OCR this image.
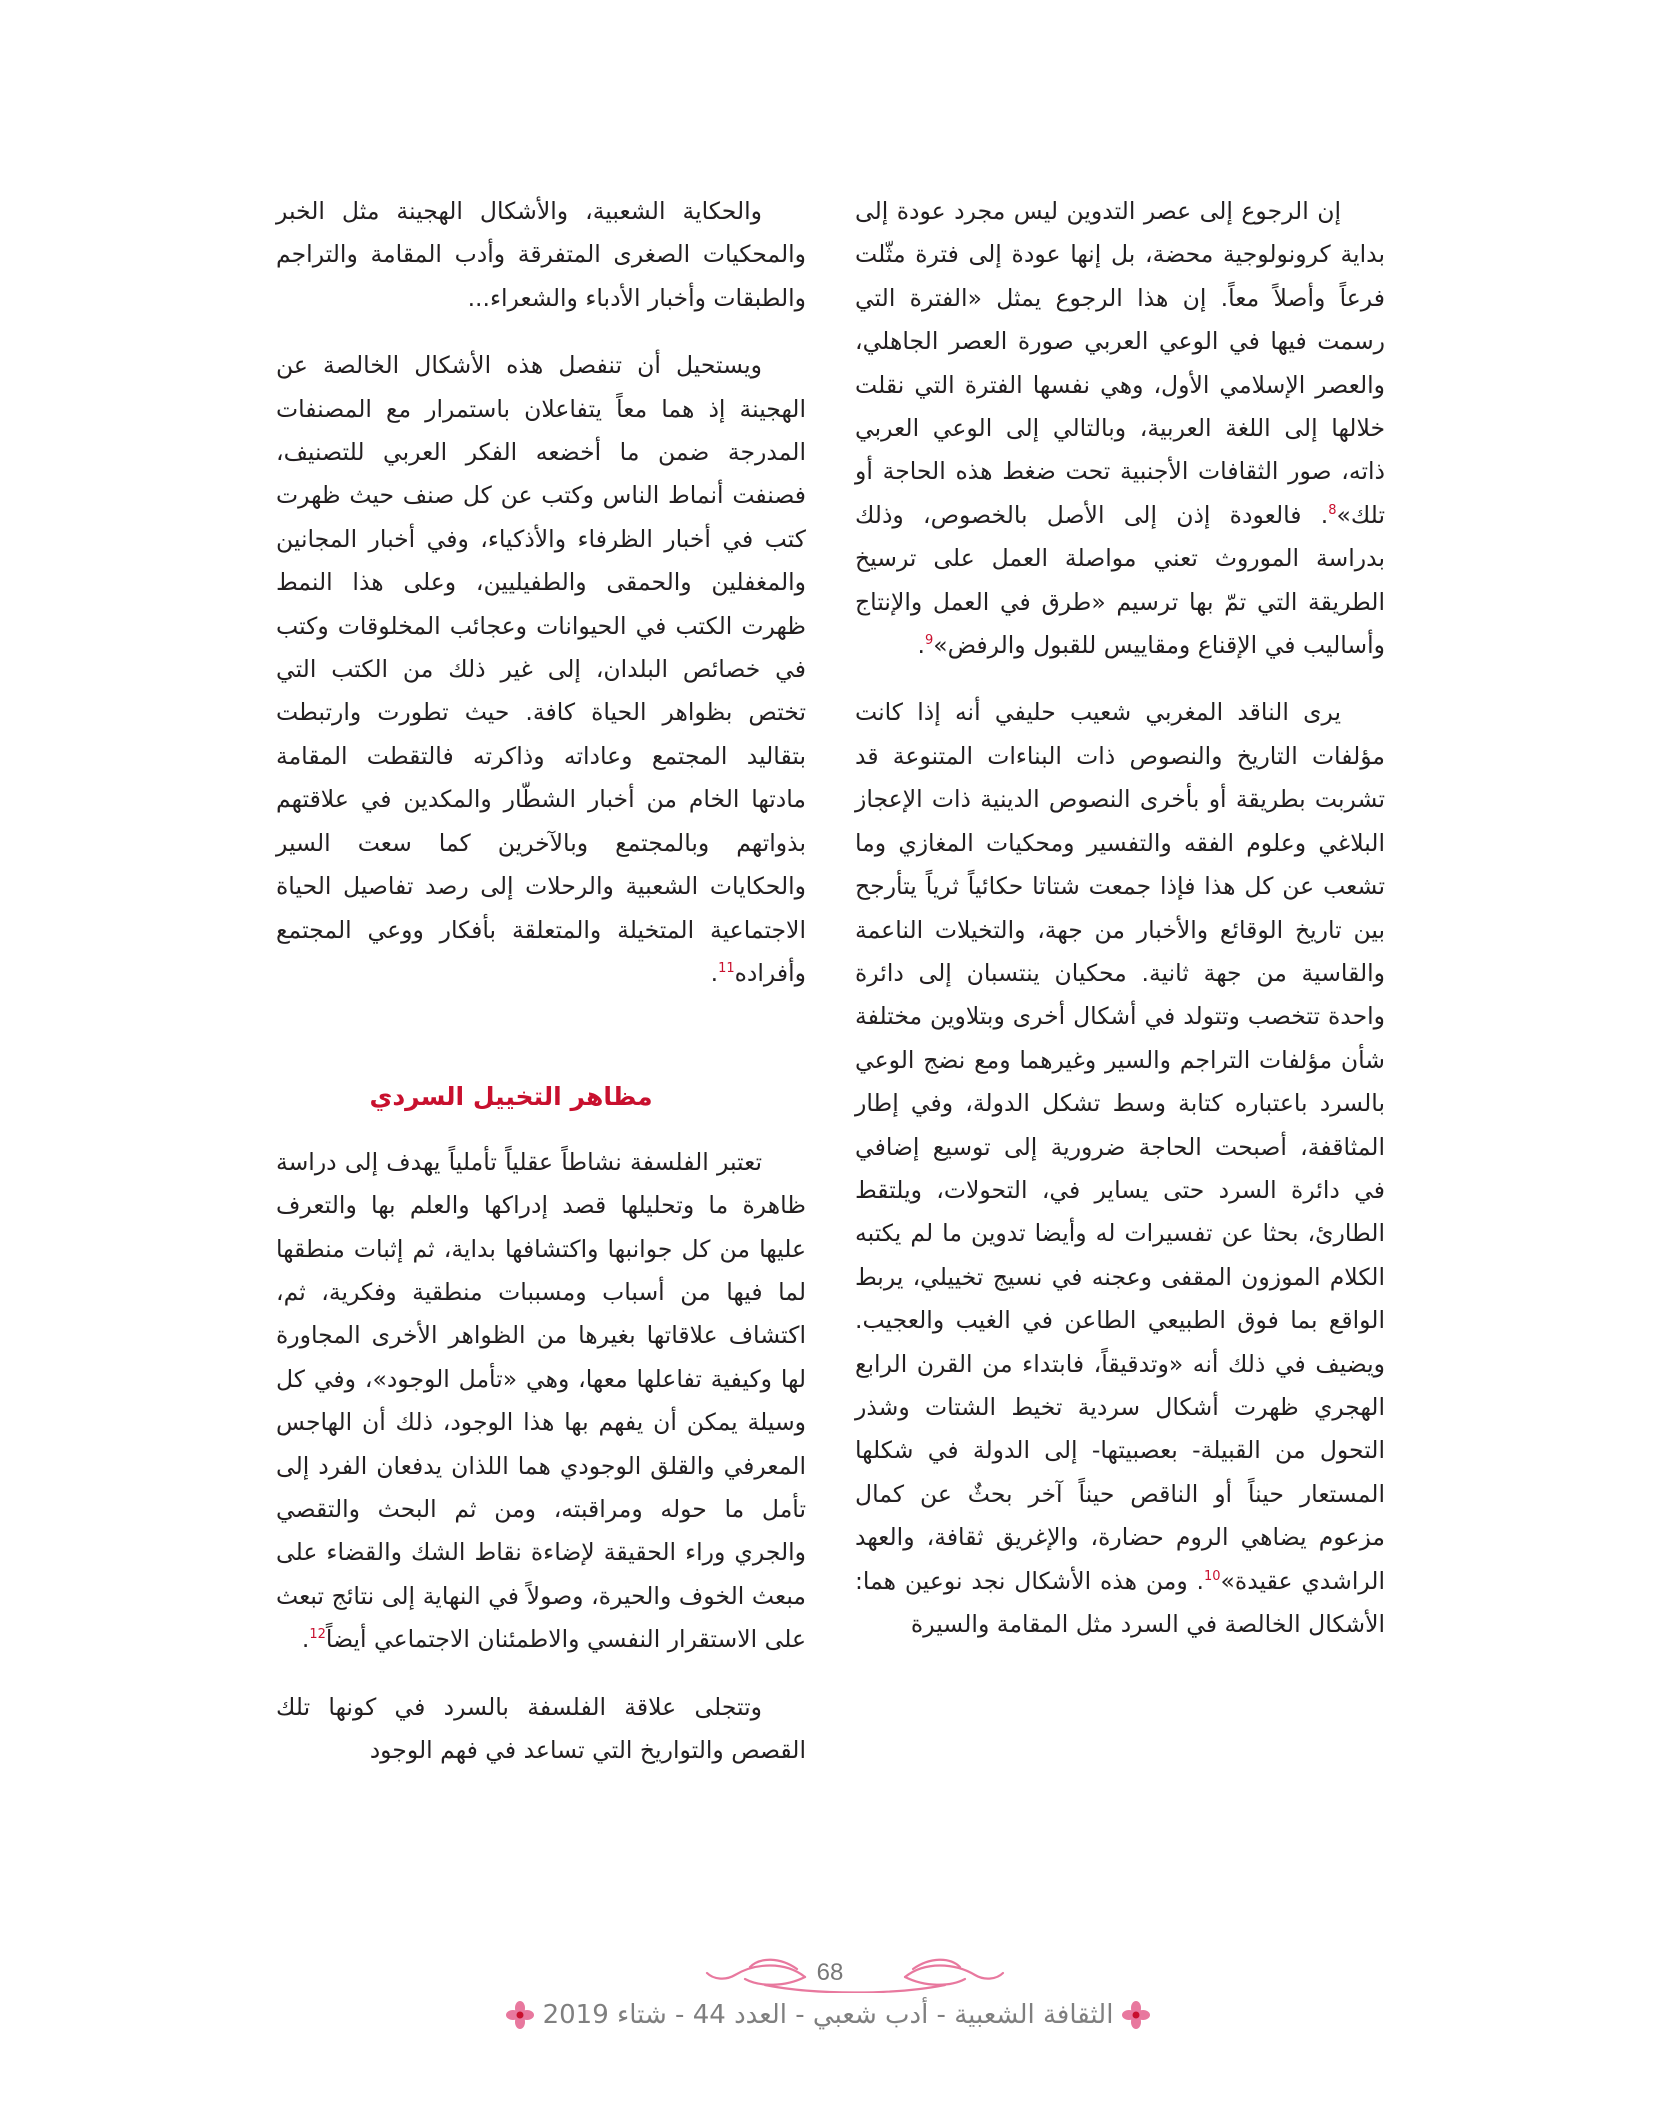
إن الرجوع إلى عصر التدوين ليس مجرد عودة إلى بداية كرونولوجية محضة، بل إنها عودة إلى فترة مثّلت فرعاً وأصلاً معاً. إن هذا الرجوع يمثل «الفترة التي رسمت فيها في الوعي العربي صورة العصر الجاهلي، والعصر الإسلامي الأول، وهي نفسها الفترة التي نقلت خلالها إلى اللغة العربية، وبالتالي إلى الوعي العربي ذاته، صور الثقافات الأجنبية تحت ضغط هذه الحاجة أو تلك»$^8$. فالعودة إذن إلى الأصل بالخصوص، وذلك بدراسة الموروث تعني مواصلة العمل على ترسيخ الطريقة التي تمّ بها ترسيم «طرق في العمل والإنتاج وأساليب في الإقناع ومقاييس للقبول والرفض»$^9$.

يرى الناقد المغربي شعيب حليفي أنه إذا كانت مؤلفات التاريخ والنصوص ذات البناءات المتنوعة قد تشربت بطريقة أو بأخرى النصوص الدينية ذات الإعجاز البلاغي وعلوم الفقه والتفسير ومحكيات المغازي وما تشعب عن كل هذا فإذا جمعت شتاتا حكائياً ثرياً يتأرجح بين تاريخ الوقائع والأخبار من جهة، والتخيلات الناعمة والقاسية من جهة ثانية. محكيان ينتسبان إلى دائرة واحدة تتخصب وتتولد في أشكال أخرى وبتلاوين مختلفة شأن مؤلفات التراجم والسير وغيرهما ومع نضج الوعي بالسرد باعتباره كتابة وسط تشكل الدولة، وفي إطار المثاقفة، أصبحت الحاجة ضرورية إلى توسيع إضافي في دائرة السرد حتى يساير في، التحولات، ويلتقط الطارئ، بحثا عن تفسيرات له وأيضا تدوين ما لم يكتبه الكلام الموزون المقفى وعجنه في نسيج تخييلي، يربط الواقع بما فوق الطبيعي الطاعن في الغيب والعجيب. ويضيف في ذلك أنه «وتدقيقاً، فابتداء من القرن الرابع الهجري ظهرت أشكال سردية تخيط الشتات وشذر التحول من القبيلة- بعصبيتها- إلى الدولة في شكلها المستعار حيناً أو الناقص حيناً آخر بحثٌ عن كمال مزعوم يضاهي الروم حضارة، والإغريق ثقافة، والعهد الراشدي عقيدة»$^{10}$. ومن هذه الأشكال نجد نوعين هما: الأشكال الخالصة في السرد مثل المقامة والسيرة

والحكاية الشعبية، والأشكال الهجينة مثل الخبر والمحكيات الصغرى المتفرقة وأدب المقامة والتراجم والطبقات وأخبار الأدباء والشعراء...

ويستحيل أن تنفصل هذه الأشكال الخالصة عن الهجينة إذ هما معاً يتفاعلان باستمرار مع المصنفات المدرجة ضمن ما أخضعه الفكر العربي للتصنيف، فصنفت أنماط الناس وكتب عن كل صنف حيث ظهرت كتب في أخبار الظرفاء والأذكياء، وفي أخبار المجانين والمغفلين والحمقى والطفيليين، وعلى هذا النمط ظهرت الكتب في الحيوانات وعجائب المخلوقات وكتب في خصائص البلدان، إلى غير ذلك من الكتب التي تختص بظواهر الحياة كافة. حيث تطورت وارتبطت بتقاليد المجتمع وعاداته وذاكرته فالتقطت المقامة مادتها الخام من أخبار الشطّار والمكدين في علاقتهم بذواتهم وبالمجتمع وبالآخرين كما سعت السير والحكايات الشعبية والرحلات إلى رصد تفاصيل الحياة الاجتماعية المتخيلة والمتعلقة بأفكار ووعي المجتمع وأفراده$^{11}$.

مظاهر التخييل السردي

تعتبر الفلسفة نشاطاً عقلياً تأملياً يهدف إلى دراسة ظاهرة ما وتحليلها قصد إدراكها والعلم بها والتعرف عليها من كل جوانبها واكتشافها بداية، ثم إثبات منطقها لما فيها من أسباب ومسببات منطقية وفكرية، ثم، اكتشاف علاقاتها بغيرها من الظواهر الأخرى المجاورة لها وكيفية تفاعلها معها، وهي «تأمل الوجود»، وفي كل وسيلة يمكن أن يفهم بها هذا الوجود، ذلك أن الهاجس المعرفي والقلق الوجودي هما اللذان يدفعان الفرد إلى تأمل ما حوله ومراقبته، ومن ثم البحث والتقصي والجري وراء الحقيقة لإضاءة نقاط الشك والقضاء على مبعث الخوف والحيرة، وصولاً في النهاية إلى نتائج تبعث على الاستقرار النفسي والاطمئنان الاجتماعي أيضاً$^{12}$.

وتتجلى علاقة الفلسفة بالسرد في كونها تلك القصص والتواريخ التي تساعد في فهم الوجود

68
الثقافة الشعبية - أدب شعبي - العدد 44 - شتاء 2019
